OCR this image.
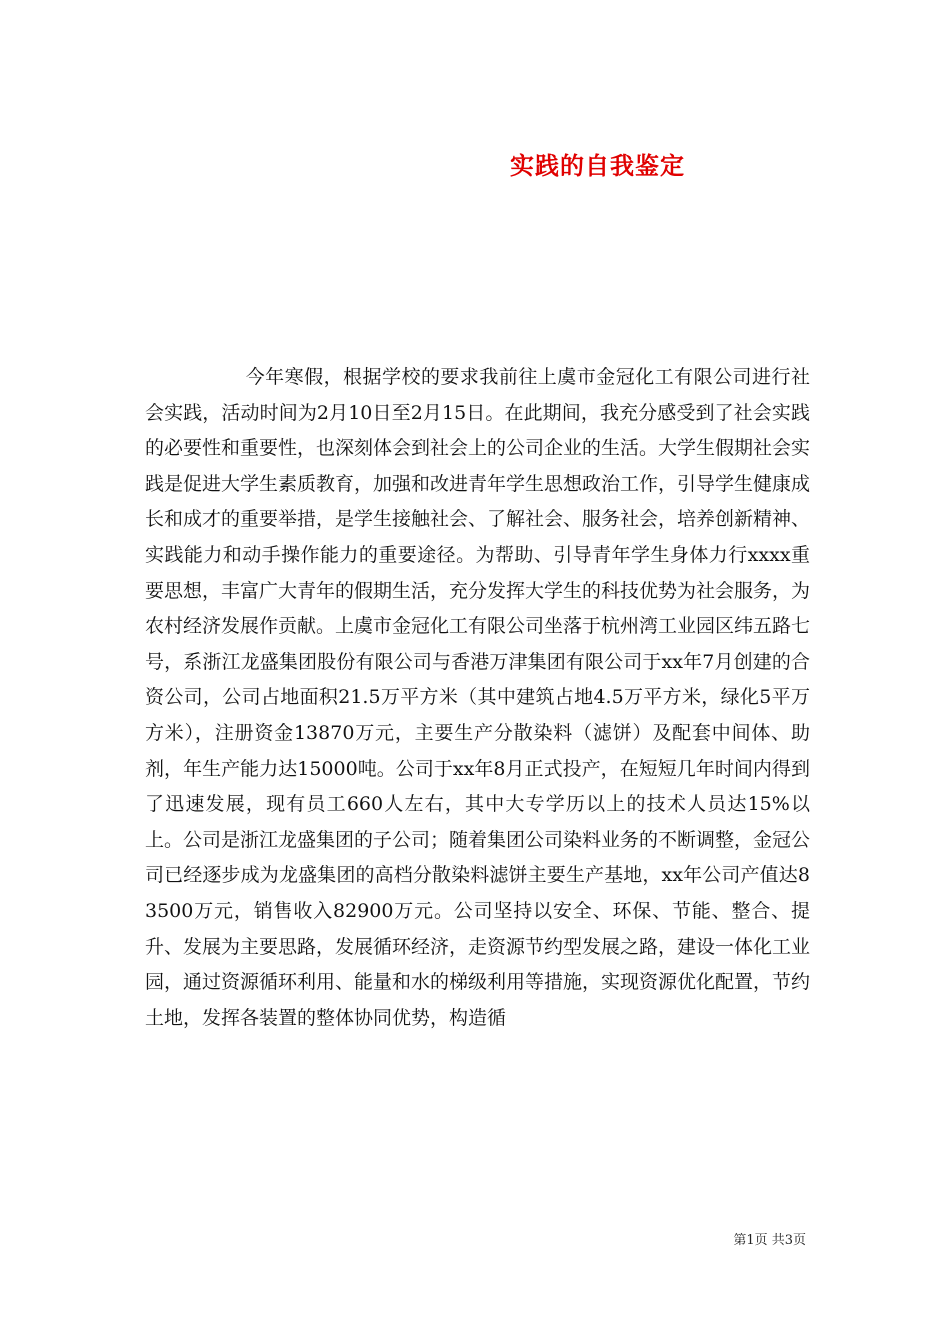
实践的自我鉴定

今年寒假，根据学校的要求我前往上虞市金冠化工有限公司进行社会实践，活动时间为2月10日至2月15日。在此期间，我充分感受到了社会实践的必要性和重要性，也深刻体会到社会上的公司企业的生活。大学生假期社会实践是促进大学生素质教育，加强和改进青年学生思想政治工作，引导学生健康成长和成才的重要举措，是学生接触社会、了解社会、服务社会，培养创新精神、实践能力和动手操作能力的重要途径。为帮助、引导青年学生身体力行xxxx重要思想，丰富广大青年的假期生活，充分发挥大学生的科技优势为社会服务，为农村经济发展作贡献。上虞市金冠化工有限公司坐落于杭州湾工业园区纬五路七号，系浙江龙盛集团股份有限公司与香港万津集团有限公司于xx年7月创建的合资公司，公司占地面积21.5万平方米（其中建筑占地4.5万平方米，绿化5平万方米），注册资金13870万元，主要生产分散染料（滤饼）及配套中间体、助剂，年生产能力达15000吨。公司于xx年8月正式投产，在短短几年时间内得到了迅速发展，现有员工660人左右，其中大专学历以上的技术人员达15%以上。公司是浙江龙盛集团的子公司；随着集团公司染料业务的不断调整，金冠公司已经逐步成为龙盛集团的高档分散染料滤饼主要生产基地，xx年公司产值达83500万元，销售收入82900万元。公司坚持以安全、环保、节能、整合、提升、发展为主要思路，发展循环经济，走资源节约型发展之路，建设一体化工业园，通过资源循环利用、能量和水的梯级利用等措施，实现资源优化配置，节约土地，发挥各装置的整体协同优势，构造循

第1页 共3页
